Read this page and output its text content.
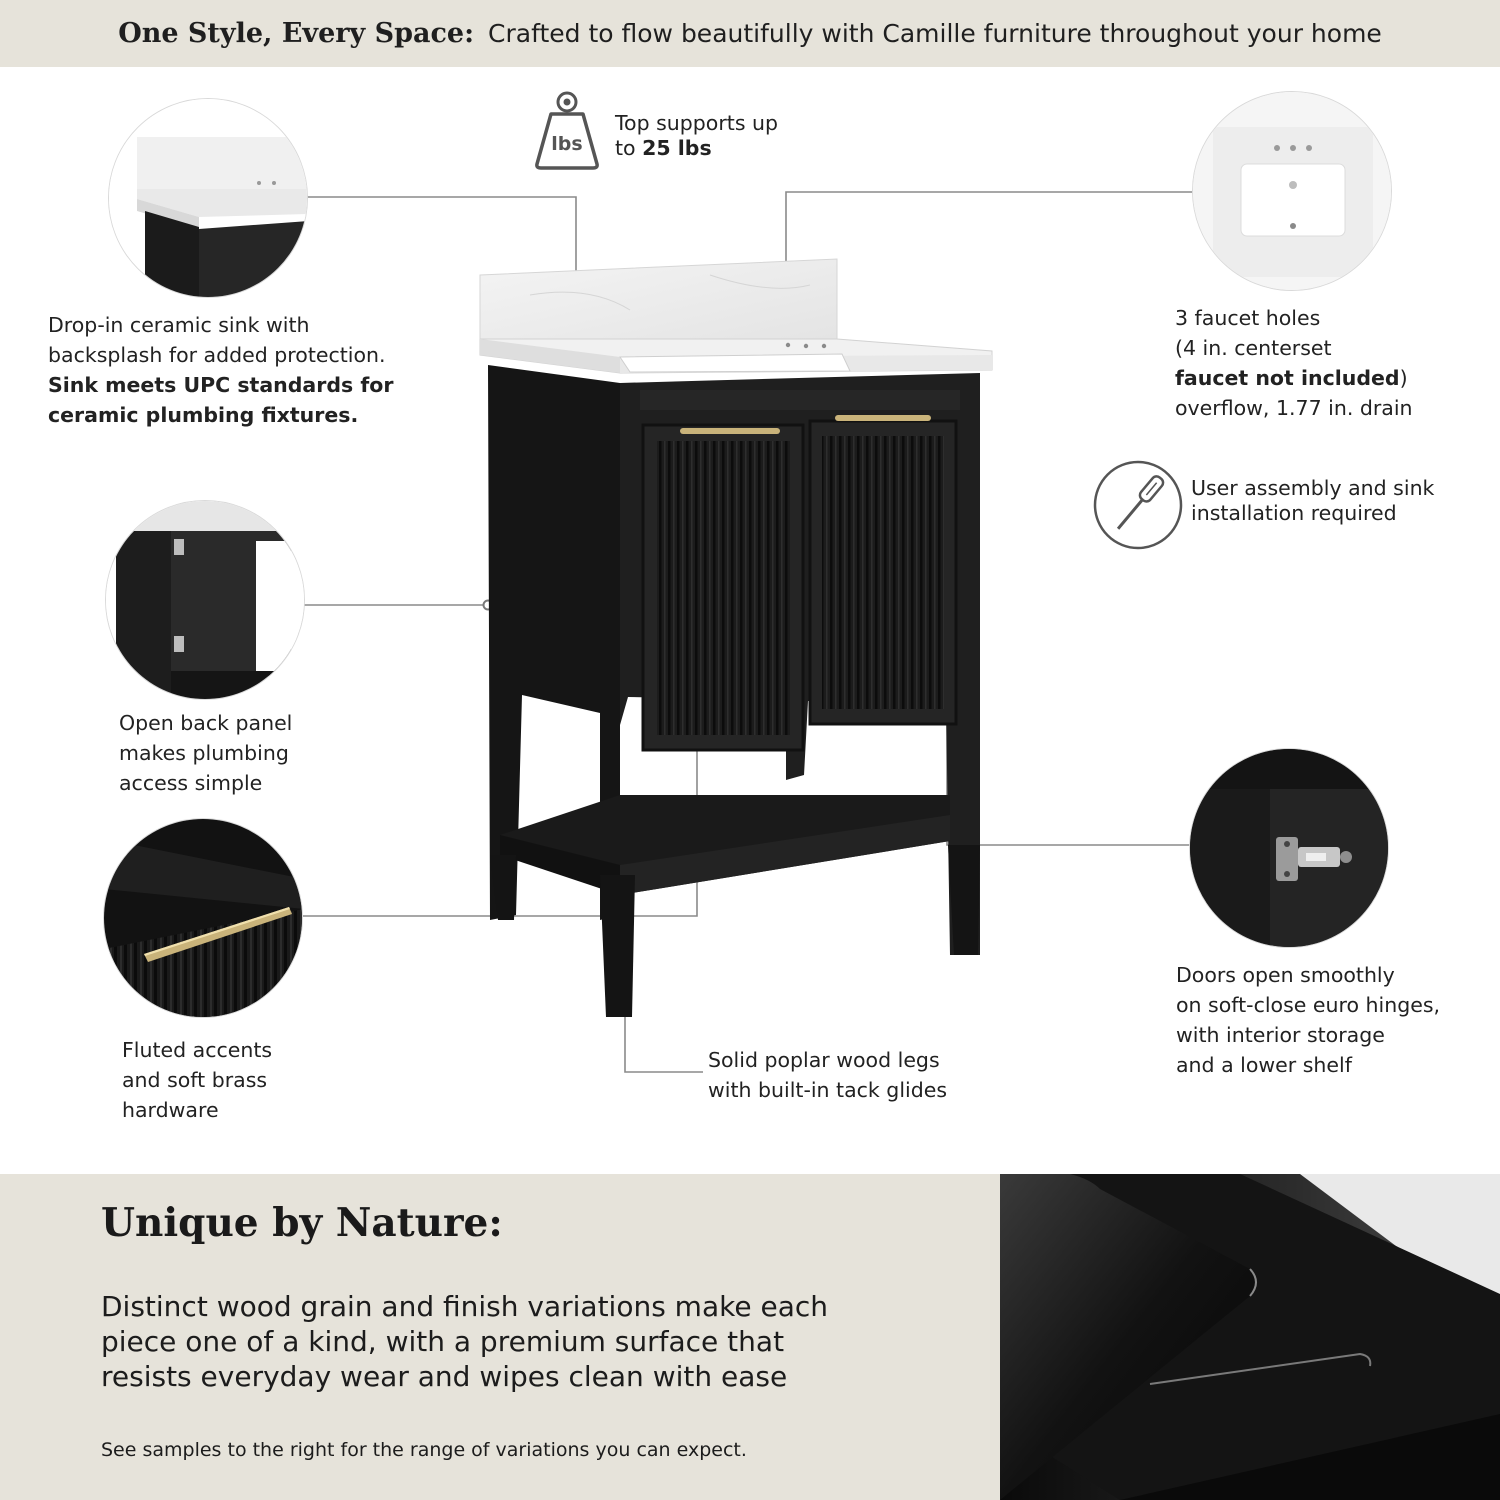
One Style, Every Space: Crafted to flow beautifully with Camille furniture throughout your home
lbs

Top supports up
to 25 lbs

Drop-in ceramic sink with
backsplash for added protection.
Sink meets UPC standards for
ceramic plumbing fixtures.

3 faucet holes
(4 in. centerset
faucet not included)
overflow, 1.77 in. drain

User assembly and sink
installation required

Open back panel
makes plumbing
access simple

Fluted accents
and soft brass
hardware

Solid poplar wood legs
with built-in tack glides

Doors open smoothly
on soft-close euro hinges,
with interior storage
and a lower shelf

Unique by Nature:

Distinct wood grain and finish variations make each
piece one of a kind, with a premium surface that
resists everyday wear and wipes clean with ease

See samples to the right for the range of variations you can expect.
